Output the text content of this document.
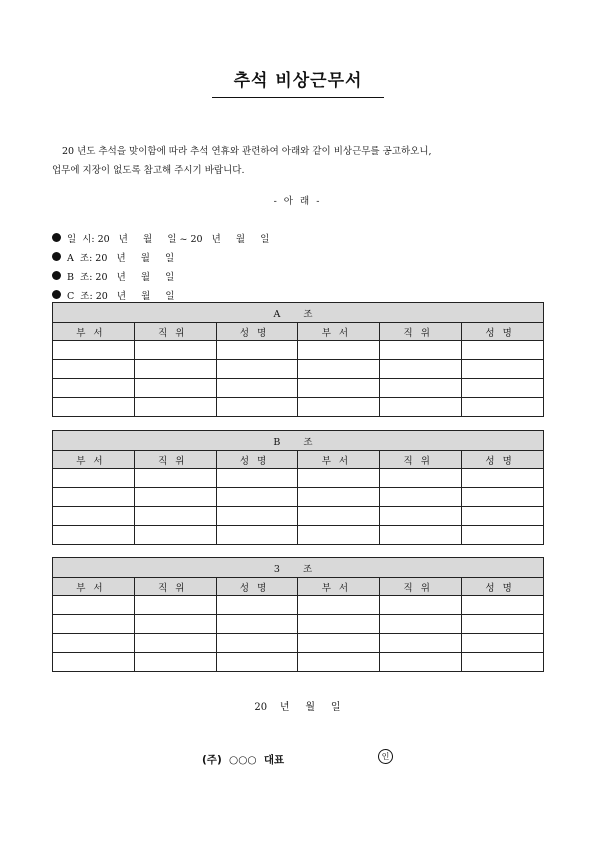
추석 비상근무서

20 년도 추석을 맞이함에 따라 추석 연휴와 관련하여 아래와 같이 비상근무를 공고하오니,

업무에 지장이 없도록 참고해 주시기 바랍니다.

- 아 래 -
일  시: 20   년     월     일 ~ 20   년     월     일
A  조: 20   년     월     일
B  조: 20   년     월     일
C  조: 20   년     월     일
A 조					
부서	직위	성명	부서	직위	성명

B 조					
부서	직위	성명	부서	직위	성명

3 조					
부서	직위	성명	부서	직위	성명

20    년     월     일
(주)  ○○○  대표	인
